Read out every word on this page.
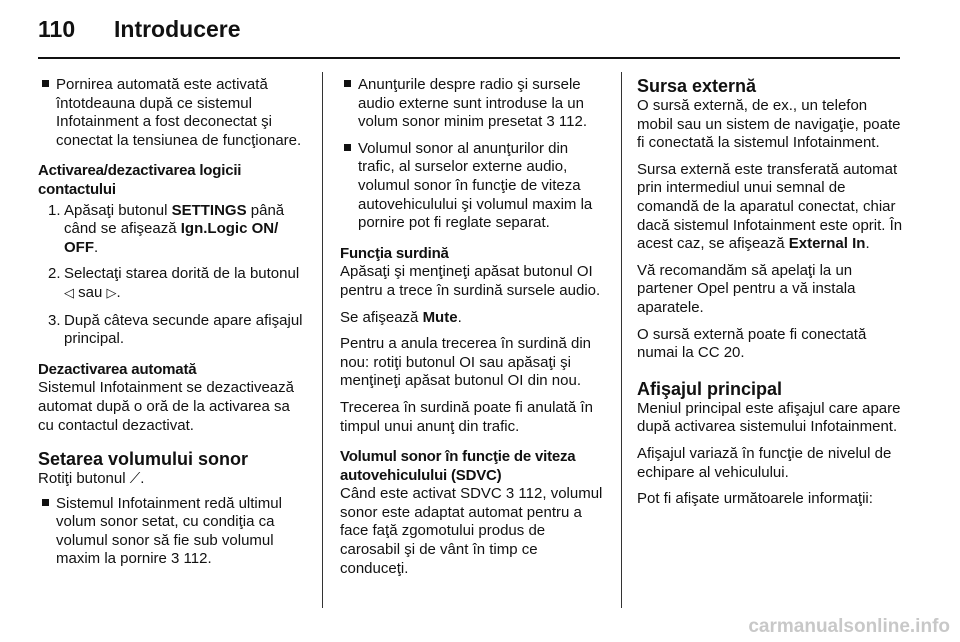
110 Introducere
Pornirea automată este activată întotdeauna după ce sistemul Infotainment a fost deconectat şi conectat la tensiunea de funcţionare.

Activarea/dezactivarea logicii contactului

1. Apăsaţi butonul SETTINGS până când se afişează Ign.Logic ON/ OFF.
2. Selectaţi starea dorită de la butonul ◁ sau ▷.
3. După câteva secunde apare afişajul principal.

Dezactivarea automată

Sistemul Infotainment se dezactivează automat după o oră de la activarea sa cu contactul dezactivat.

Setarea volumului sonor

Rotiţi butonul ⟋.

Sistemul Infotainment redă ultimul volum sonor setat, cu condiţia ca volumul sonor să fie sub volumul maxim la pornire 3 112.
Anunţurile despre radio şi sursele audio externe sunt introduse la un volum sonor minim presetat 3 112.
Volumul sonor al anunţurilor din trafic, al surselor externe audio, volumul sonor în funcţie de viteza autovehiculului şi volumul maxim la pornire pot fi reglate separat.

Funcţia surdină

Apăsaţi şi menţineţi apăsat butonul OI pentru a trece în surdină sursele audio.

Se afişează Mute.

Pentru a anula trecerea în surdină din nou: rotiţi butonul OI sau apăsaţi şi menţineţi apăsat butonul OI din nou.

Trecerea în surdină poate fi anulată în timpul unui anunţ din trafic.

Volumul sonor în funcţie de viteza autovehiculului (SDVC)

Când este activat SDVC 3 112, volumul sonor este adaptat automat pentru a face faţă zgomotului produs de carosabil şi de vânt în timp ce conduceţi.

Sursa externă

O sursă externă, de ex., un telefon mobil sau un sistem de navigaţie, poate fi conectată la sistemul Infotainment.

Sursa externă este transferată automat prin intermediul unui semnal de comandă de la aparatul conectat, chiar dacă sistemul Infotainment este oprit. În acest caz, se afişează External In.

Vă recomandăm să apelaţi la un partener Opel pentru a vă instala aparatele.

O sursă externă poate fi conectată numai la CC 20.

Afişajul principal

Meniul principal este afişajul care apare după activarea sistemului Infotainment.

Afişajul variază în funcţie de nivelul de echipare al vehiculului.

Pot fi afişate următoarele informaţii:

carmanualsonline.info
